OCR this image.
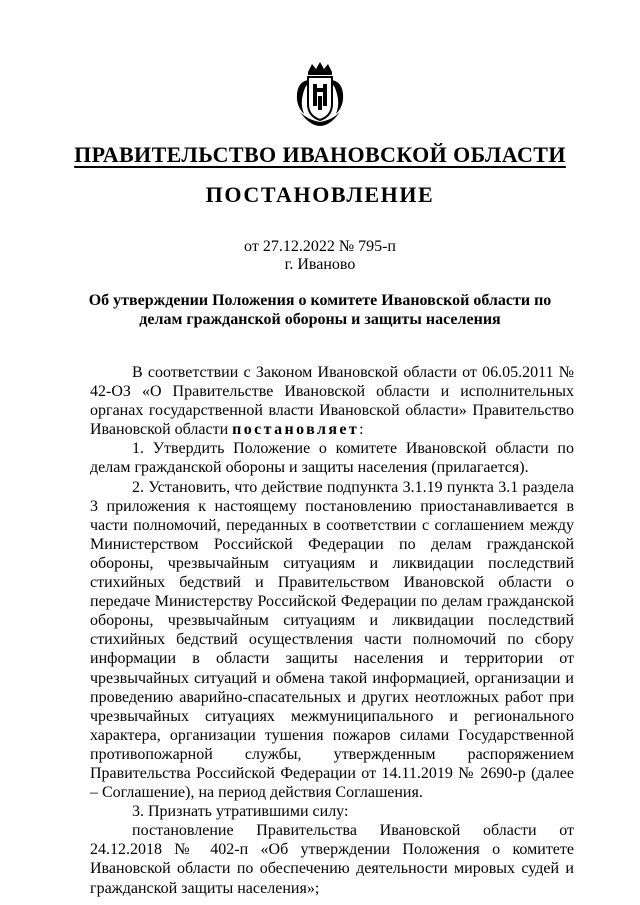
ПРАВИТЕЛЬСТВО ИВАНОВСКОЙ ОБЛАСТИ
ПОСТАНОВЛЕНИЕ
от 27.12.2022 № 795-п
г. Иваново
Об утверждении Положения о комитете Ивановской области по делам гражданской обороны и защиты населения

В соответствии с Законом Ивановской области от 06.05.2011 № 42-ОЗ «О Правительстве Ивановской области и исполнительных органах государственной власти Ивановской области» Правительство Ивановской области постановляет:

1. Утвердить Положение о комитете Ивановской области по делам гражданской обороны и защиты населения (прилагается).

2. Установить, что действие подпункта 3.1.19 пункта 3.1 раздела 3 приложения к настоящему постановлению приостанавливается в части полномочий, переданных в соответствии с соглашением между Министерством Российской Федерации по делам гражданской обороны, чрезвычайным ситуациям и ликвидации последствий стихийных бедствий и Правительством Ивановской области о передаче Министерству Российской Федерации по делам гражданской обороны, чрезвычайным ситуациям и ликвидации последствий стихийных бедствий осуществления части полномочий по сбору информации в области защиты населения и территории от чрезвычайных ситуаций и обмена такой информацией, организации и проведению аварийно-спасательных и других неотложных работ при чрезвычайных ситуациях межмуниципального и регионального характера, организации тушения пожаров силами Государственной противопожарной службы, утвержденным распоряжением Правительства Российской Федерации от 14.11.2019 № 2690-р (далее – Соглашение), на период действия Соглашения.

3. Признать утратившими силу:

постановление Правительства Ивановской области от 24.12.2018 № 402-п «Об утверждении Положения о комитете Ивановской области по обеспечению деятельности мировых судей и гражданской защиты населения»;
